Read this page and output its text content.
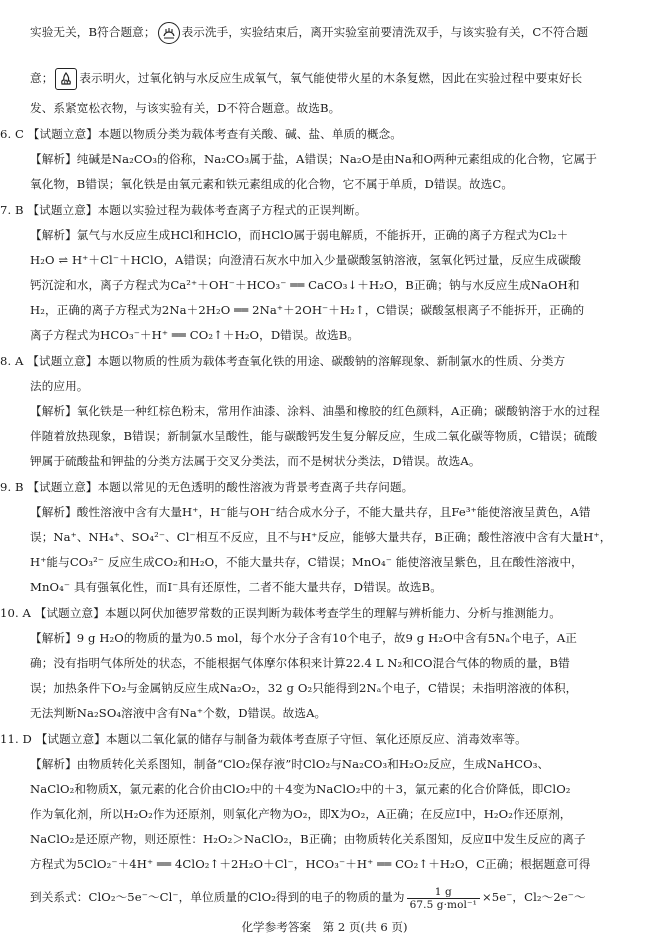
实验无关，B符合题意； 表示洗手，实验结束后，离开实验室前要清洗双手，与该实验有关，C不符合题
意； 表示明火，过氧化钠与水反应生成氧气，氧气能使带火星的木条复燃，因此在实验过程中要束好长
发、系紧宽松衣物，与该实验有关，D不符合题意。故选B。
6. C 【试题立意】本题以物质分类为载体考查有关酸、碱、盐、单质的概念。
【解析】纯碱是Na₂CO₃的俗称，Na₂CO₃属于盐，A错误；Na₂O是由Na和O两种元素组成的化合物，它属于
氧化物，B错误；氧化铁是由氧元素和铁元素组成的化合物，它不属于单质，D错误。故选C。
7. B 【试题立意】本题以实验过程为载体考查离子方程式的正误判断。
【解析】氯气与水反应生成HCl和HClO，而HClO属于弱电解质，不能拆开，正确的离子方程式为Cl₂＋
H₂O ⇌ H⁺＋Cl⁻＋HClO，A错误；向澄清石灰水中加入少量碳酸氢钠溶液，氢氧化钙过量，反应生成碳酸
钙沉淀和水，离子方程式为Ca²⁺＋OH⁻＋HCO₃⁻ ══ CaCO₃↓＋H₂O，B正确；钠与水反应生成NaOH和
H₂，正确的离子方程式为2Na＋2H₂O ══ 2Na⁺＋2OH⁻＋H₂↑，C错误；碳酸氢根离子不能拆开，正确的
离子方程式为HCO₃⁻＋H⁺ ══ CO₂↑＋H₂O，D错误。故选B。
8. A 【试题立意】本题以物质的性质为载体考查氧化铁的用途、碳酸钠的溶解现象、新制氯水的性质、分类方
法的应用。
【解析】氧化铁是一种红棕色粉末，常用作油漆、涂料、油墨和橡胶的红色颜料，A正确；碳酸钠溶于水的过程
伴随着放热现象，B错误；新制氯水呈酸性，能与碳酸钙发生复分解反应，生成二氧化碳等物质，C错误；硫酸
钾属于硫酸盐和钾盐的分类方法属于交叉分类法，而不是树状分类法，D错误。故选A。
9. B 【试题立意】本题以常见的无色透明的酸性溶液为背景考查离子共存问题。
【解析】酸性溶液中含有大量H⁺，H⁻能与OH⁻结合成水分子，不能大量共存，且Fe³⁺能使溶液呈黄色，A错
误；Na⁺、NH₄⁺、SO₄²⁻、Cl⁻相互不反应，且不与H⁺反应，能够大量共存，B正确；酸性溶液中含有大量H⁺，
H⁺能与CO₃²⁻ 反应生成CO₂和H₂O，不能大量共存，C错误；MnO₄⁻ 能使溶液呈紫色，且在酸性溶液中，
MnO₄⁻ 具有强氧化性，而I⁻具有还原性，二者不能大量共存，D错误。故选B。
10. A 【试题立意】本题以阿伏加德罗常数的正误判断为载体考查学生的理解与辨析能力、分析与推测能力。
【解析】9 g H₂O的物质的量为0.5 mol，每个水分子含有10个电子，故9 g H₂O中含有5Nₐ个电子，A正
确；没有指明气体所处的状态，不能根据气体摩尔体积来计算22.4 L N₂和CO混合气体的物质的量，B错
误；加热条件下O₂与金属钠反应生成Na₂O₂，32 g O₂只能得到2Nₐ个电子，C错误；未指明溶液的体积，
无法判断Na₂SO₄溶液中含有Na⁺个数，D错误。故选A。
11. D 【试题立意】本题以二氧化氯的储存与制备为载体考查原子守恒、氧化还原反应、消毒效率等。
【解析】由物质转化关系图知，制备“ClO₂保存液”时ClO₂与Na₂CO₃和H₂O₂反应，生成NaHCO₃、
NaClO₂和物质X，氯元素的化合价由ClO₂中的＋4变为NaClO₂中的＋3，氯元素的化合价降低，即ClO₂
作为氧化剂，所以H₂O₂作为还原剂，则氧化产物为O₂，即X为O₂，A正确；在反应Ⅰ中，H₂O₂作还原剂，
NaClO₂是还原产物，则还原性：H₂O₂＞NaClO₂，B正确；由物质转化关系图知，反应Ⅱ中发生反应的离子
方程式为5ClO₂⁻＋4H⁺ ══ 4ClO₂↑＋2H₂O＋Cl⁻，HCO₃⁻＋H⁺ ══ CO₂↑＋H₂O，C正确；根据题意可得
到关系式：ClO₂～5e⁻～Cl⁻，单位质量的ClO₂得到的电子的物质的量为 $\frac{1 g}{\text{67.5 g·mol⁻¹}} \times 5e^-$，Cl₂～2e⁻～
化学参考答案　第 2 页(共 6 页)
